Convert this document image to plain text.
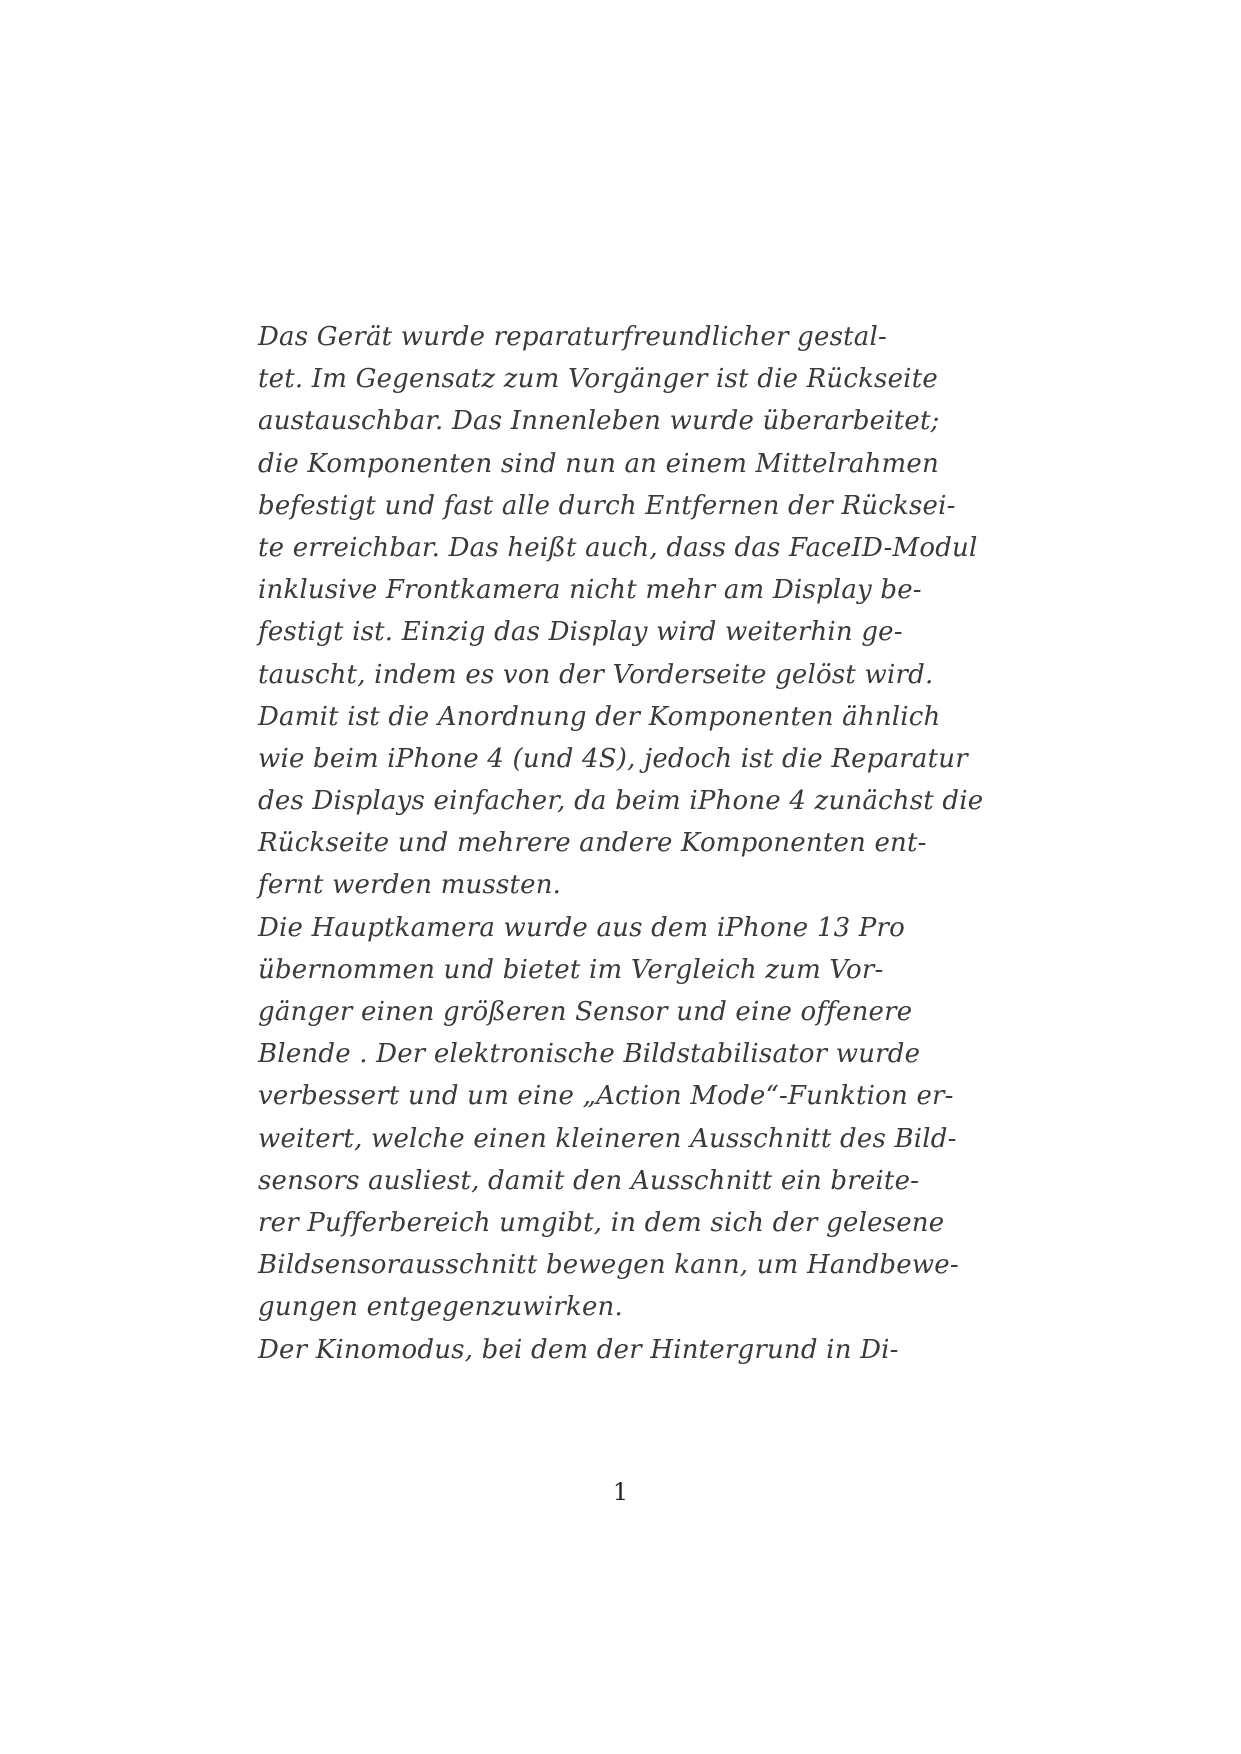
Das Gerät wurde reparaturfreundlicher gestal-
tet. Im Gegensatz zum Vorgänger ist die Rückseite
austauschbar. Das Innenleben wurde überarbeitet;
die Komponenten sind nun an einem Mittelrahmen
befestigt und fast alle durch Entfernen der Rücksei-
te erreichbar. Das heißt auch, dass das FaceID-Modul
inklusive Frontkamera nicht mehr am Display be-
festigt ist. Einzig das Display wird weiterhin ge-
tauscht, indem es von der Vorderseite gelöst wird.
Damit ist die Anordnung der Komponenten ähnlich
wie beim iPhone 4 (und 4S), jedoch ist die Reparatur
des Displays einfacher, da beim iPhone 4 zunächst die
Rückseite und mehrere andere Komponenten ent-
fernt werden mussten.

Die Hauptkamera wurde aus dem iPhone 13 Pro
übernommen und bietet im Vergleich zum Vor-
gänger einen größeren Sensor und eine offenere
Blende . Der elektronische Bildstabilisator wurde
verbessert und um eine „Action Mode“-Funktion er-
weitert, welche einen kleineren Ausschnitt des Bild-
sensors ausliest, damit den Ausschnitt ein breite-
rer Pufferbereich umgibt, in dem sich der gelesene
Bildsensorausschnitt bewegen kann, um Handbewe-
gungen entgegenzuwirken.

Der Kinomodus, bei dem der Hintergrund in Di-

1
